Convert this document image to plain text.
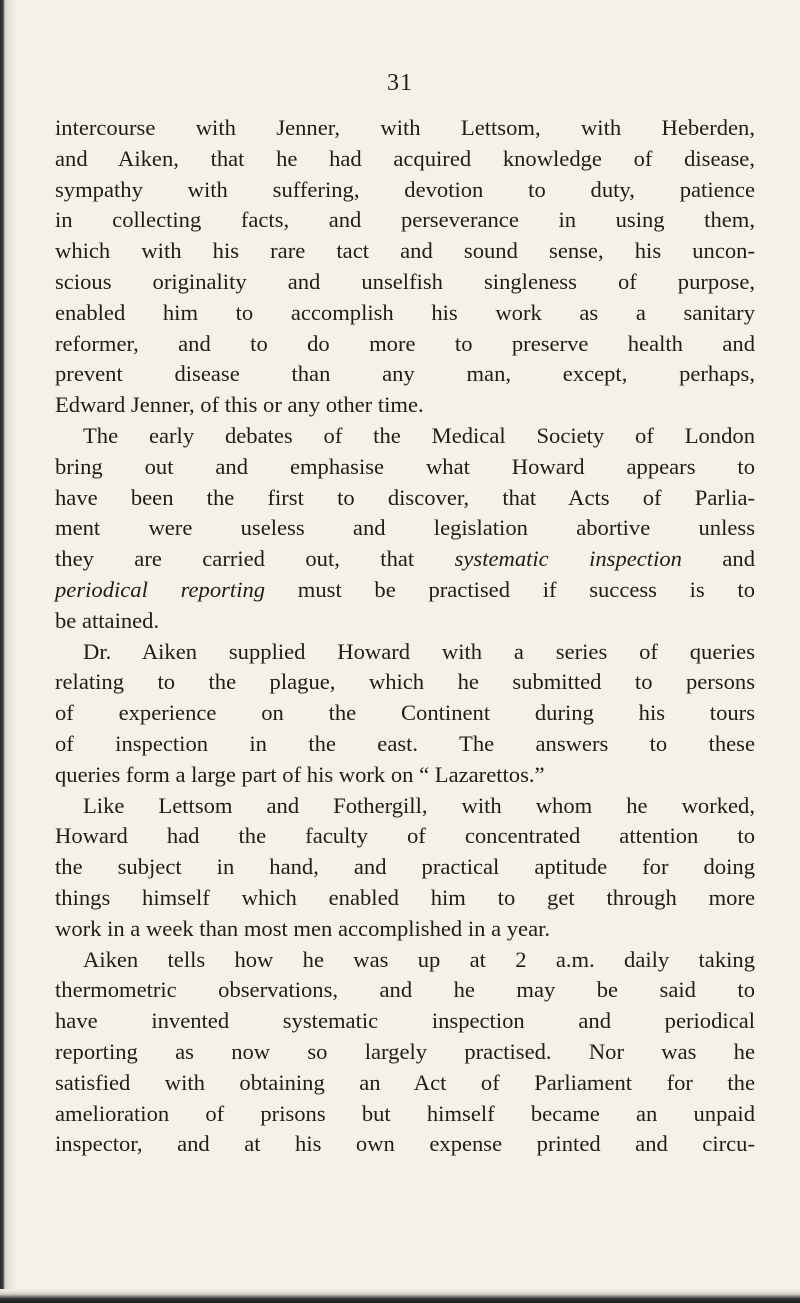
31
intercourse with Jenner, with Lettsom, with Heberden,
and Aiken, that he had acquired knowledge of disease,
sympathy with suffering, devotion to duty, patience
in collecting facts, and perseverance in using them,
which with his rare tact and sound sense, his uncon-
scious originality and unselfish singleness of purpose,
enabled him to accomplish his work as a sanitary
reformer, and to do more to preserve health and
prevent disease than any man, except, perhaps,
Edward Jenner, of this or any other time.
The early debates of the Medical Society of London
bring out and emphasise what Howard appears to
have been the first to discover, that Acts of Parlia-
ment were useless and legislation abortive unless
they are carried out, that systematic inspection and
periodical reporting must be practised if success is to
be attained.
Dr. Aiken supplied Howard with a series of queries
relating to the plague, which he submitted to persons
of experience on the Continent during his tours
of inspection in the east. The answers to these
queries form a large part of his work on “ Lazarettos.”
Like Lettsom and Fothergill, with whom he worked,
Howard had the faculty of concentrated attention to
the subject in hand, and practical aptitude for doing
things himself which enabled him to get through more
work in a week than most men accomplished in a year.
Aiken tells how he was up at 2 a.m. daily taking
thermometric observations, and he may be said to
have invented systematic inspection and periodical
reporting as now so largely practised. Nor was he
satisfied with obtaining an Act of Parliament for the
amelioration of prisons but himself became an unpaid
inspector, and at his own expense printed and circu-
